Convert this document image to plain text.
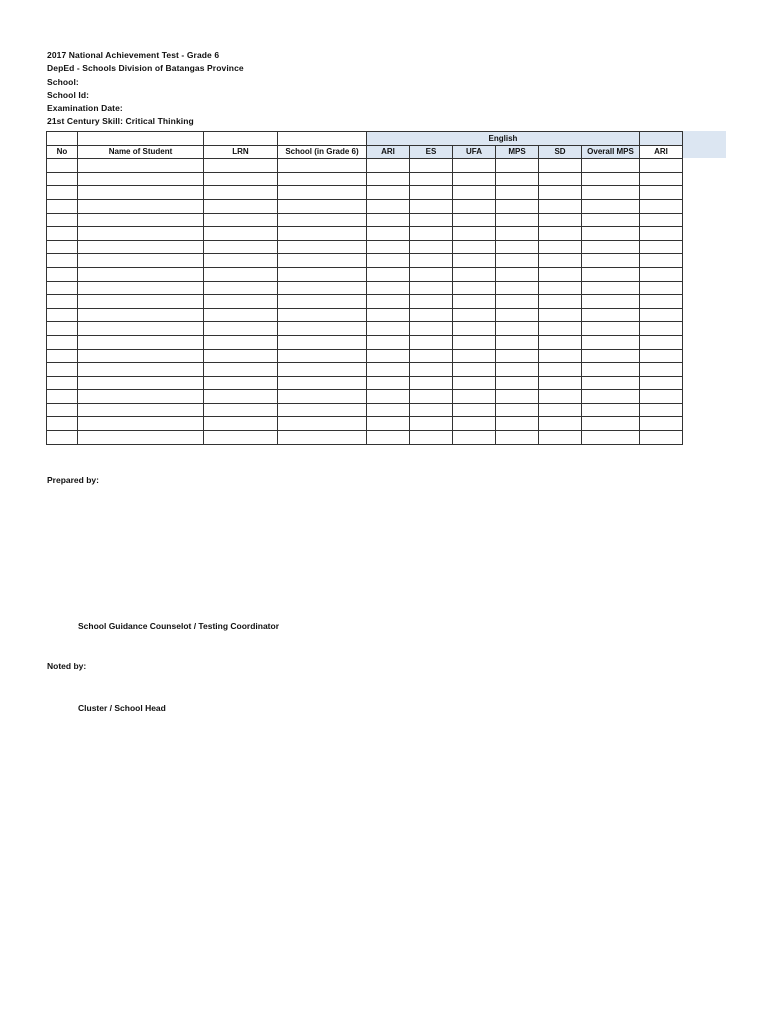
2017 National Achievement Test - Grade 6
DepEd - Schools Division of Batangas Province
School:
School Id:
Examination Date:
21st Century Skill: Critical Thinking
				English						
No	Name of Student	LRN	School (in Grade 6)	ARI	ES	UFA	MPS	SD	Overall MPS	ARI

Prepared by:
School Guidance Counselot / Testing Coordinator
Noted by:
Cluster / School Head
